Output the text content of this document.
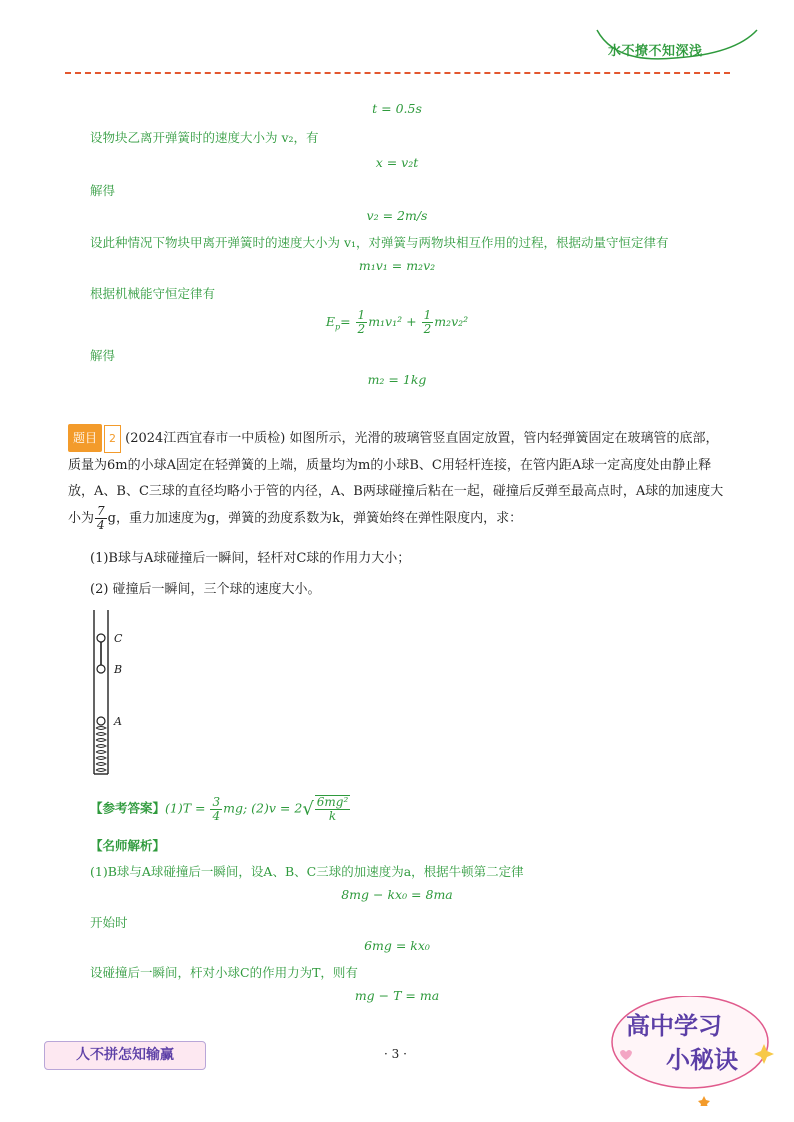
水不撩不知深浅
t = 0.5s
设物块乙离开弹簧时的速度大小为 v₂，有
x = v₂t
解得
v₂ = 2m/s
设此种情况下物块甲离开弹簧时的速度大小为 v₁，对弹簧与两物块相互作用的过程，根据动量守恒定律有
m₁v₁ = m₂v₂
根据机械能守恒定律有
$E_p= \frac{1}{2} m_1v_1^2 + \frac{1}{2} m_2v_2^2$
解得
m₂ = 1kg
题目 2 (2024江西宜春市一中质检) 如图所示，光滑的玻璃管竖直固定放置，管内轻弹簧固定在玻璃管的底部，质量为6m的小球A固定在轻弹簧的上端，质量均为m的小球B、C用轻杆连接，在管内距A球一定高度处由静止释放，A、B、C三球的直径均略小于管的内径，A、B两球碰撞后粘在一起，碰撞后反弹至最高点时，A球的加速度大小为 $\frac{7}{4}$ g，重力加速度为g，弹簧的劲度系数为k，弹簧始终在弹性限度内，求：
(1)B球与A球碰撞后一瞬间，轻杆对C球的作用力大小；
(2) 碰撞后一瞬间，三个球的速度大小。
C
B
A
【参考答案】$(1)T = \frac{3}{4}$ mg; $(2)v = 2√ \frac{\text{6mg²}}{k}$
【名师解析】
(1)B球与A球碰撞后一瞬间，设A、B、C三球的加速度为a，根据牛顿第二定律
8mg − kx₀ = 8ma
开始时
6mg = kx₀
设碰撞后一瞬间，杆对小球C的作用力为T，则有
mg − T = ma
人不拼怎知输赢	· 3 ·
高中学习
小秘诀
